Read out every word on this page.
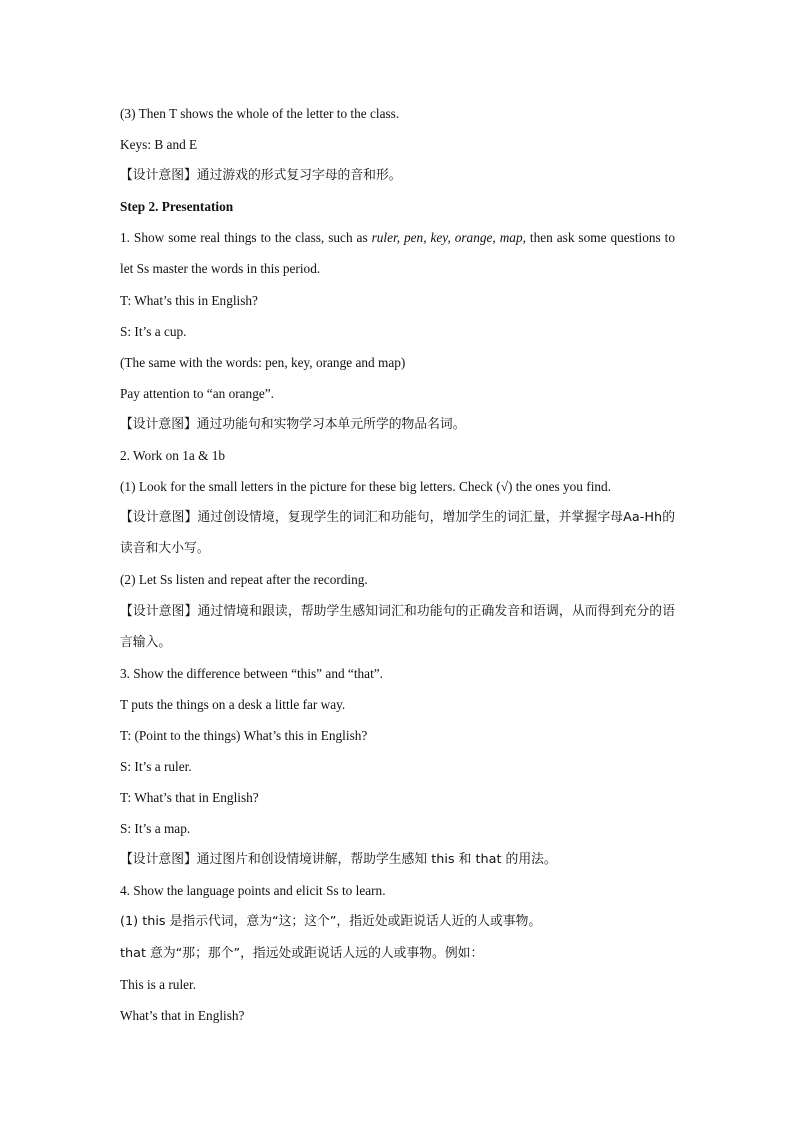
(3) Then T shows the whole of the letter to the class.

Keys: B and E

【设计意图】通过游戏的形式复习字母的音和形。

Step 2. Presentation

1. Show some real things to the class, such as ruler, pen, key, orange, map, then ask some questions to let Ss master the words in this period.

T: What’s this in English?

S: It’s a cup.

(The same with the words: pen, key, orange and map)

Pay attention to “an orange”.

【设计意图】通过功能句和实物学习本单元所学的物品名词。

2. Work on 1a & 1b

(1) Look for the small letters in the picture for these big letters. Check (√) the ones you find.

【设计意图】通过创设情境，复现学生的词汇和功能句，增加学生的词汇量，并掌握字母Aa-Hh的读音和大小写。

(2) Let Ss listen and repeat after the recording.

【设计意图】通过情境和跟读，帮助学生感知词汇和功能句的正确发音和语调，从而得到充分的语言输入。

3. Show the difference between “this” and “that”.

T puts the things on a desk a little far way.

T: (Point to the things) What’s this in English?

S: It’s a ruler.

T: What’s that in English?

S: It’s a map.

【设计意图】通过图片和创设情境讲解，帮助学生感知 this 和 that 的用法。

4. Show the language points and elicit Ss to learn.

(1) this 是指示代词，意为“这；这个”，指近处或距说话人近的人或事物。

that 意为“那；那个”，指远处或距说话人远的人或事物。例如：

This is a ruler.

What’s that in English?
